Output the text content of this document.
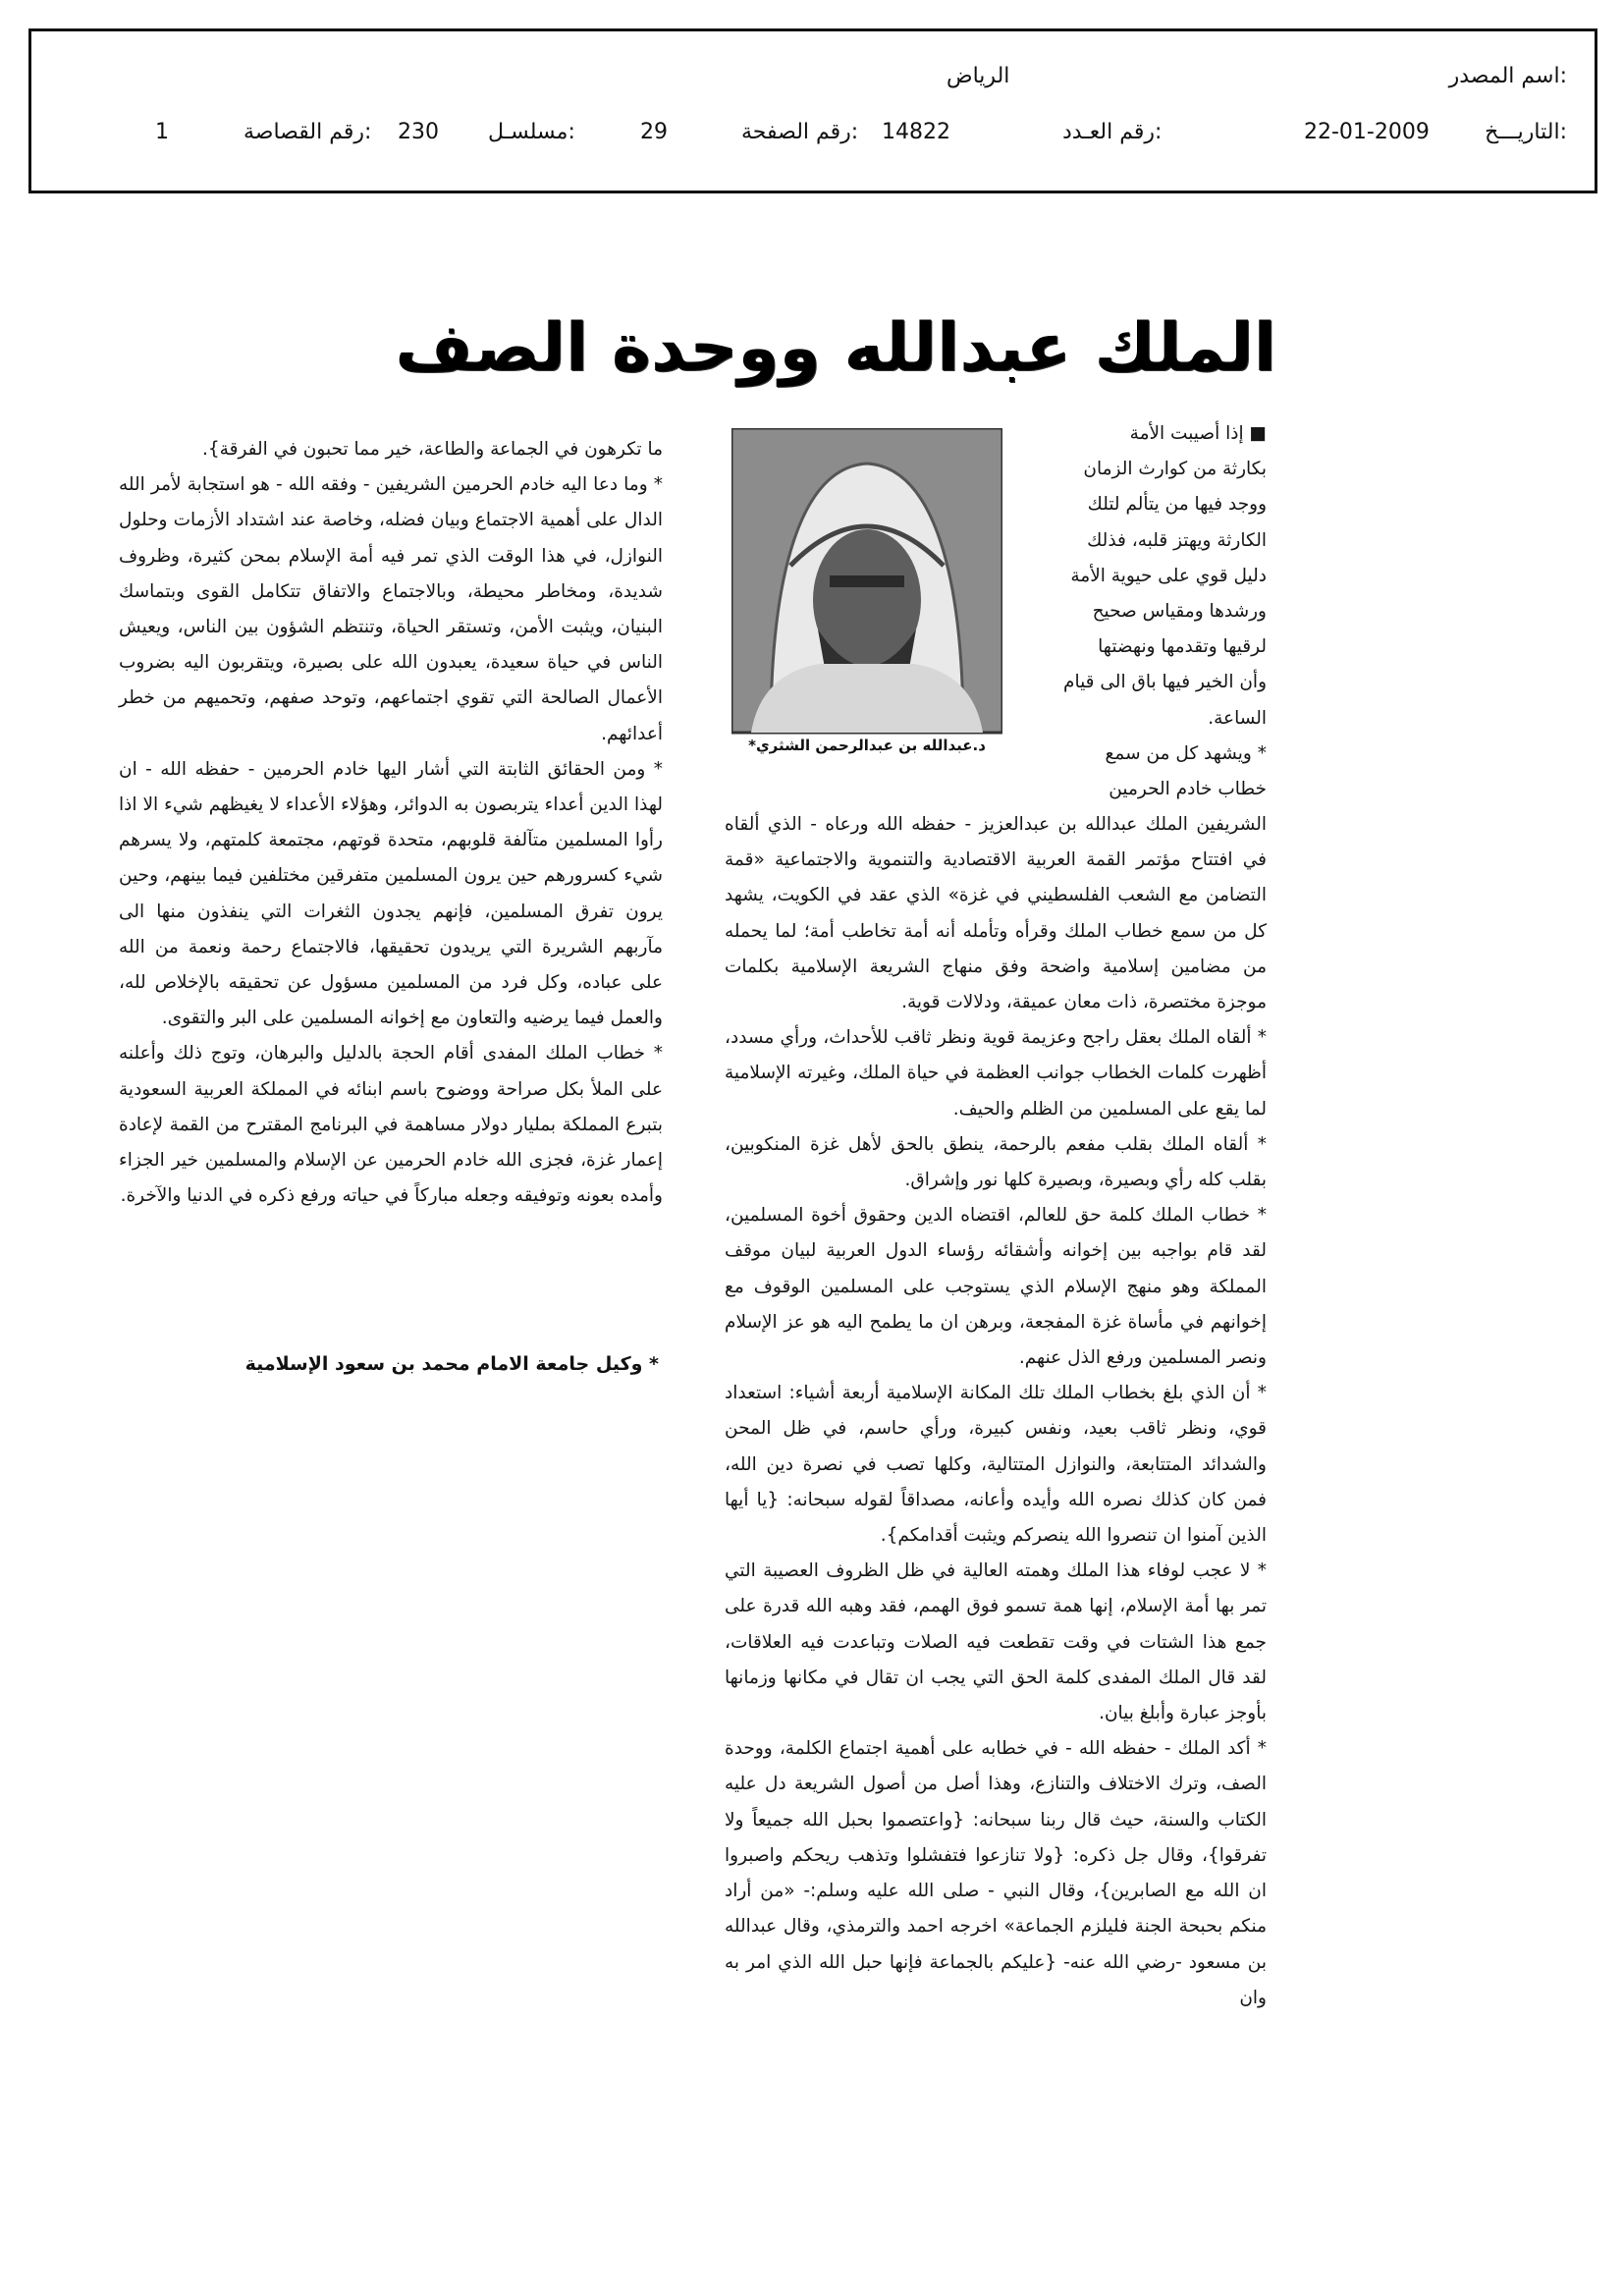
اسم المصدر:
الرياض
التاريـــخ:
22-01-2009
رقم العـدد:
14822
رقم الصفحة:
29
مسلسـل:
230
رقم القصاصة:
1
الملك عبدالله ووحدة الصف
د.عبدالله بن عبدالرحمن الشثري*

■ إذا أصيبت الأمة

بكارثة من كوارث الزمان

ووجد فيها من يتألم لتلك

الكارثة ويهتز قلبه، فذلك

دليل قوي على حيوية الأمة

ورشدها ومقياس صحيح

لرقيها وتقدمها ونهضتها

وأن الخير فيها باق الى قيام

الساعة.

* ويشهد كل من سمع

خطاب خادم الحرمين

الشريفين الملك عبدالله بن عبدالعزيز - حفظه الله ورعاه - الذي ألقاه في افتتاح مؤتمر القمة العربية الاقتصادية والتنموية والاجتماعية «قمة التضامن مع الشعب الفلسطيني في غزة» الذي عقد في الكويت، يشهد كل من سمع خطاب الملك وقرأه وتأمله أنه أمة تخاطب أمة؛ لما يحمله من مضامين إسلامية واضحة وفق منهاج الشريعة الإسلامية بكلمات موجزة مختصرة، ذات معان عميقة، ودلالات قوية.

* ألقاه الملك بعقل راجح وعزيمة قوية ونظر ثاقب للأحداث، ورأي مسدد، أظهرت كلمات الخطاب جوانب العظمة في حياة الملك، وغيرته الإسلامية لما يقع على المسلمين من الظلم والحيف.

* ألقاه الملك بقلب مفعم بالرحمة، ينطق بالحق لأهل غزة المنكوبين، بقلب كله رأي وبصيرة، وبصيرة كلها نور وإشراق.

* خطاب الملك كلمة حق للعالم، اقتضاه الدين وحقوق أخوة المسلمين، لقد قام بواجبه بين إخوانه وأشقائه رؤساء الدول العربية لبيان موقف المملكة وهو منهج الإسلام الذي يستوجب على المسلمين الوقوف مع إخوانهم في مأساة غزة المفجعة، وبرهن ان ما يطمح اليه هو عز الإسلام ونصر المسلمين ورفع الذل عنهم.

* أن الذي بلغ بخطاب الملك تلك المكانة الإسلامية أربعة أشياء: استعداد قوي، ونظر ثاقب بعيد، ونفس كبيرة، ورأي حاسم، في ظل المحن والشدائد المتتابعة، والنوازل المتتالية، وكلها تصب في نصرة دين الله، فمن كان كذلك نصره الله وأيده وأعانه، مصداقاً لقوله سبحانه: {يا أيها الذين آمنوا ان تنصروا الله ينصركم ويثبت أقدامكم}.

* لا عجب لوفاء هذا الملك وهمته العالية في ظل الظروف العصيبة التي تمر بها أمة الإسلام، إنها همة تسمو فوق الهمم، فقد وهبه الله قدرة على جمع هذا الشتات في وقت تقطعت فيه الصلات وتباعدت فيه العلاقات، لقد قال الملك المفدى كلمة الحق التي يجب ان تقال في مكانها وزمانها بأوجز عبارة وأبلغ بيان.

* أكد الملك - حفظه الله - في خطابه على أهمية اجتماع الكلمة، ووحدة الصف، وترك الاختلاف والتنازع، وهذا أصل من أصول الشريعة دل عليه الكتاب والسنة، حيث قال ربنا سبحانه: {واعتصموا بحبل الله جميعاً ولا تفرقوا}، وقال جل ذكره: {ولا تنازعوا فتفشلوا وتذهب ريحكم واصبروا ان الله مع الصابرين}، وقال النبي - صلى الله عليه وسلم:- «من أراد منكم بحبحة الجنة فليلزم الجماعة» اخرجه احمد والترمذي، وقال عبدالله بن مسعود -رضي الله عنه- {عليكم بالجماعة فإنها حبل الله الذي امر به وان

ما تكرهون في الجماعة والطاعة، خير مما تحبون في الفرقة}.

* وما دعا اليه خادم الحرمين الشريفين - وفقه الله - هو استجابة لأمر الله الدال على أهمية الاجتماع وبيان فضله، وخاصة عند اشتداد الأزمات وحلول النوازل، في هذا الوقت الذي تمر فيه أمة الإسلام بمحن كثيرة، وظروف شديدة، ومخاطر محيطة، وبالاجتماع والاتفاق تتكامل القوى وبتماسك البنيان، ويثبت الأمن، وتستقر الحياة، وتنتظم الشؤون بين الناس، ويعيش الناس في حياة سعيدة، يعبدون الله على بصيرة، ويتقربون اليه بضروب الأعمال الصالحة التي تقوي اجتماعهم، وتوحد صفهم، وتحميهم من خطر أعدائهم.

* ومن الحقائق الثابتة التي أشار اليها خادم الحرمين - حفظه الله - ان لهذا الدين أعداء يتربصون به الدوائر، وهؤلاء الأعداء لا يغيظهم شيء الا اذا رأوا المسلمين متآلفة قلوبهم، متحدة قوتهم، مجتمعة كلمتهم، ولا يسرهم شيء كسرورهم حين يرون المسلمين متفرقين مختلفين فيما بينهم، وحين يرون تفرق المسلمين، فإنهم يجدون الثغرات التي ينفذون منها الى مآربهم الشريرة التي يريدون تحقيقها، فالاجتماع رحمة ونعمة من الله على عباده، وكل فرد من المسلمين مسؤول عن تحقيقه بالإخلاص لله، والعمل فيما يرضيه والتعاون مع إخوانه المسلمين على البر والتقوى.

* خطاب الملك المفدى أقام الحجة بالدليل والبرهان، وتوج ذلك وأعلنه على الملأ بكل صراحة ووضوح باسم ابنائه في المملكة العربية السعودية بتبرع المملكة بمليار دولار مساهمة في البرنامج المقترح من القمة لإعادة إعمار غزة، فجزى الله خادم الحرمين عن الإسلام والمسلمين خير الجزاء وأمده بعونه وتوفيقه وجعله مباركاً في حياته ورفع ذكره في الدنيا والآخرة.

* وكيل جامعة الامام محمد بن سعود الإسلامية
